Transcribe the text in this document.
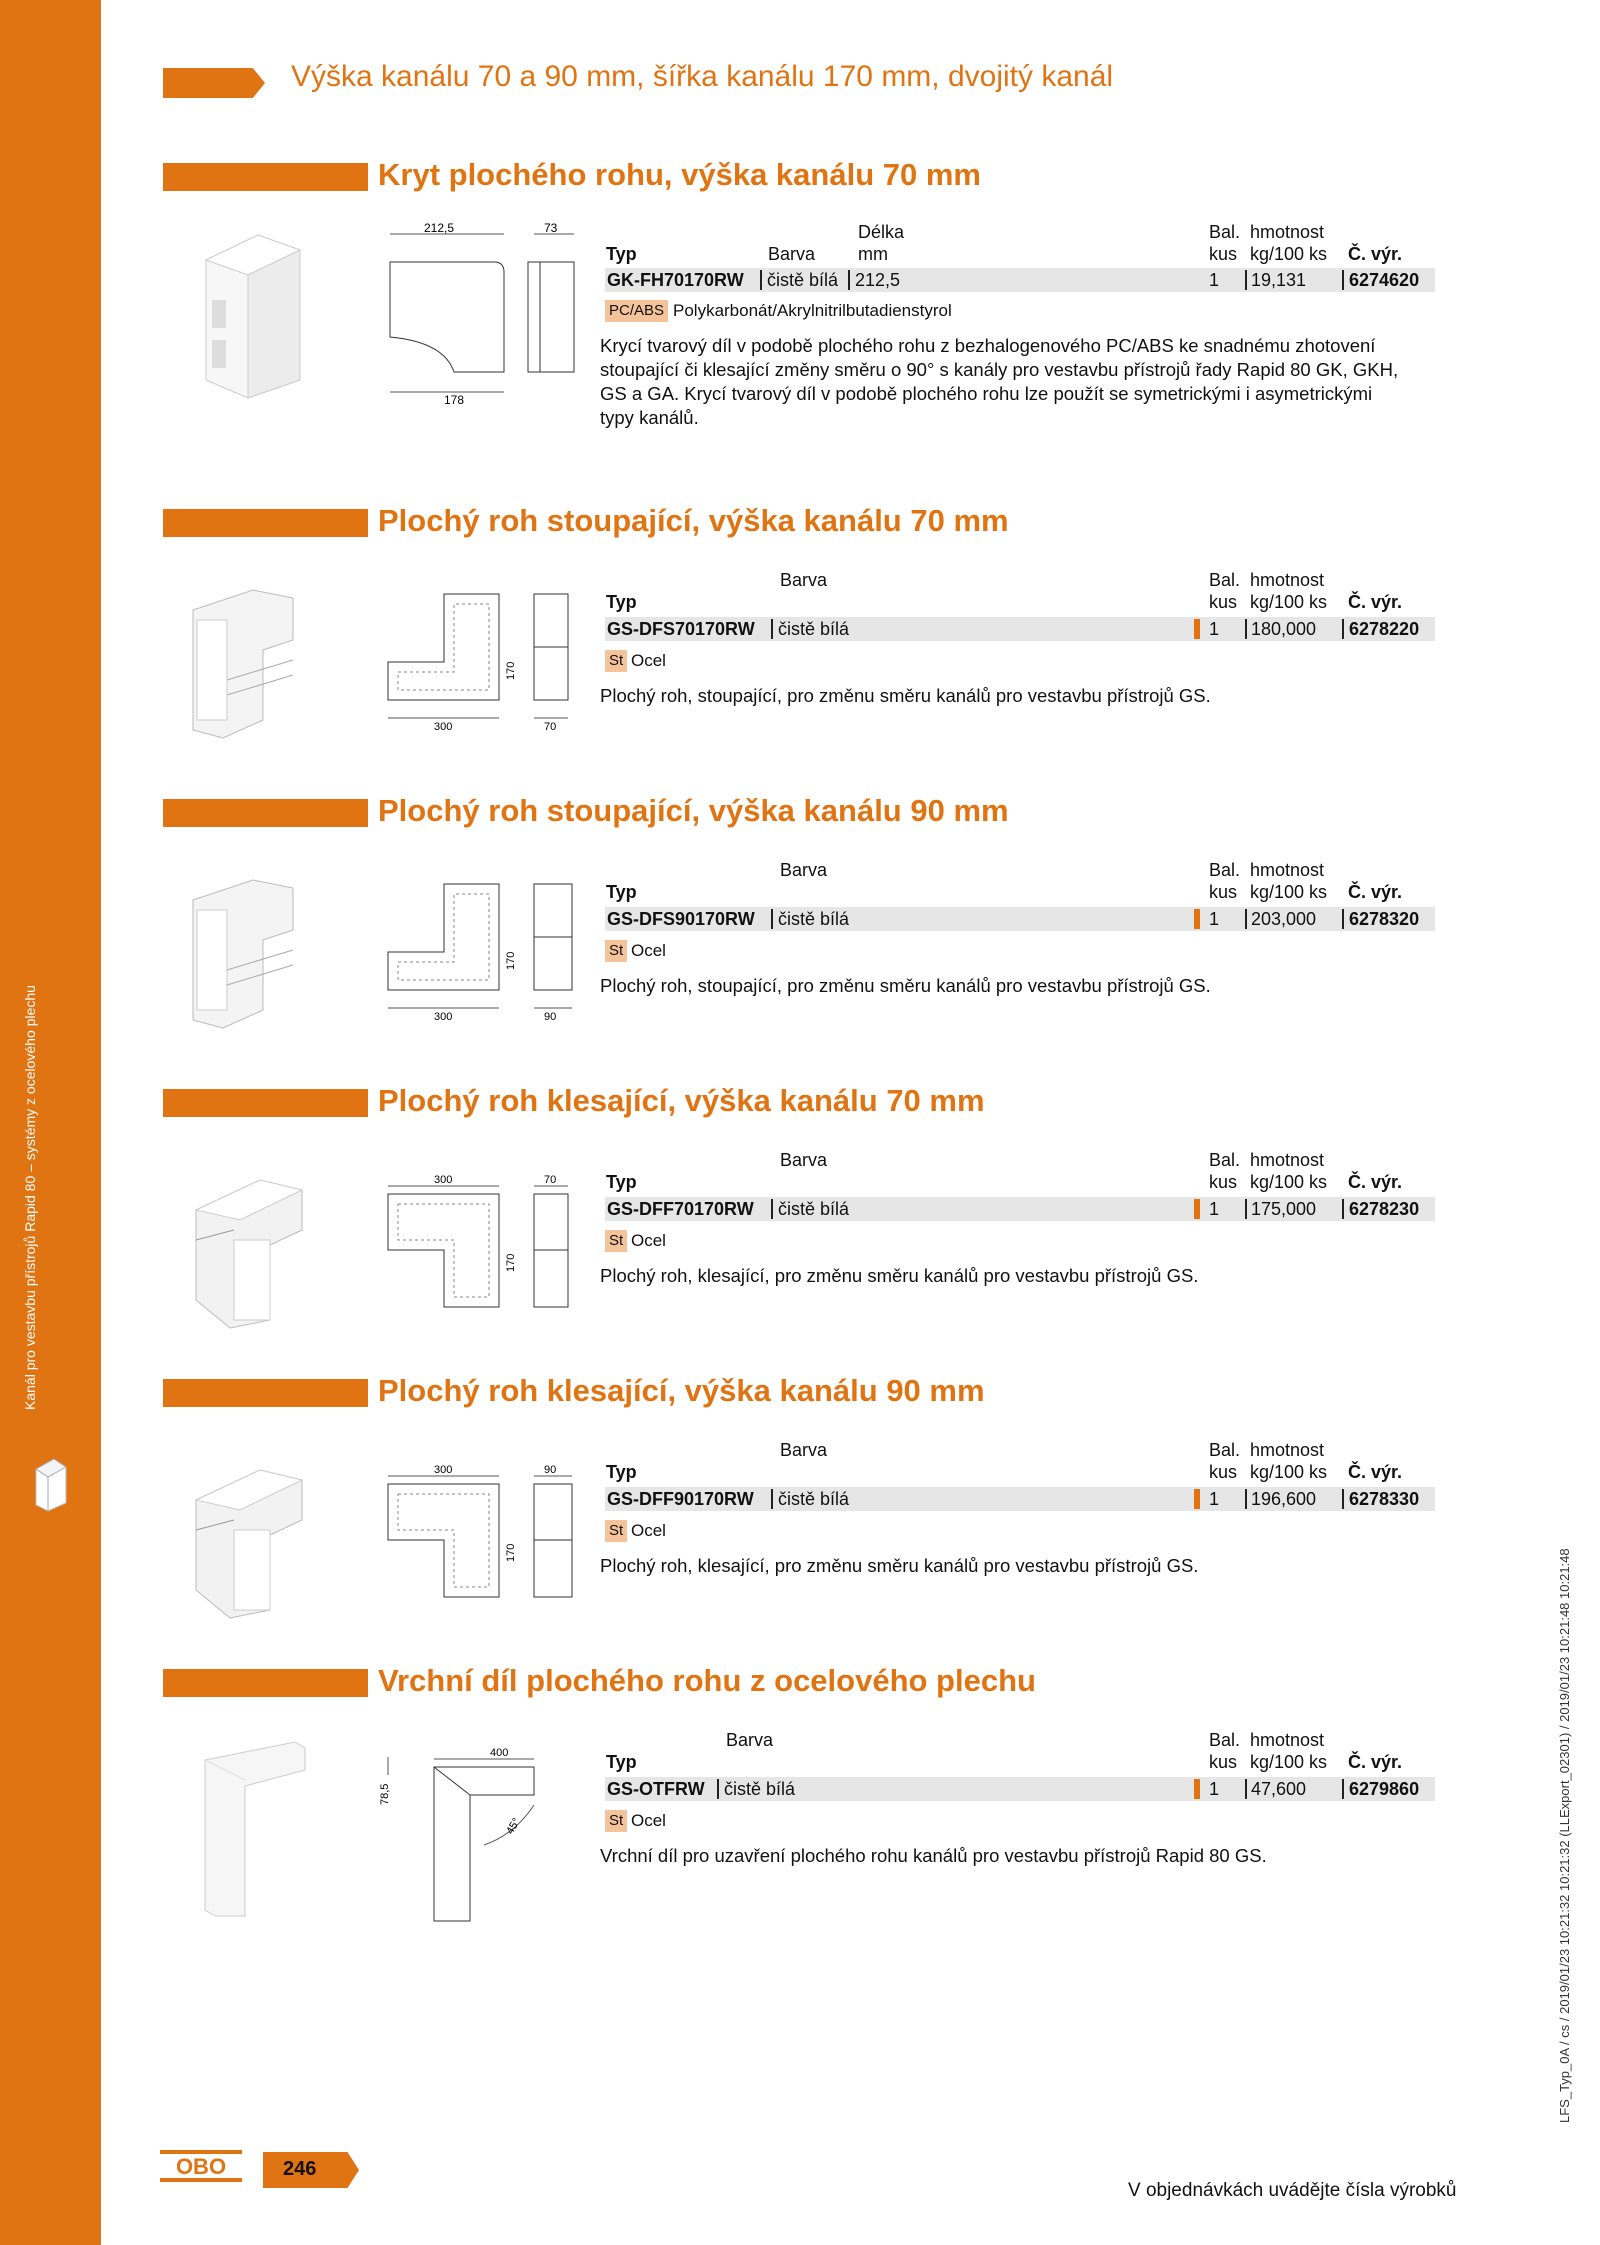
Kanál pro vestavbu přístrojů Rapid 80 – systémy z ocelového plechu
LFS_Typ_0A / cs / 2019/01/23 10:21:32 10:21:32 (LLExport_02301) / 2019/01/23 10:21:48 10:21:48
Výška kanálu 70 a 90 mm, šířka kanálu 170 mm, dvojitý kanál
Kryt plochého rohu, výška kanálu 70 mm
212,5	73
178
Délka	Bal. hmotnost
Typ	Barva mm	kus kg/100 ks Č. výr.
GK-FH70170RW čistě bílá 212,5	1 19,131 6274620
PC/ABS Polykarbonát/Akrylnitrilbutadienstyrol
Krycí tvarový díl v podobě plochého rohu z bezhalogenového PC/ABS ke snadnému zhotovení stoupající či klesající změny směru o 90° s kanály pro vestavbu přístrojů řady Rapid 80 GK, GKH, GS a GA. Krycí tvarový díl v podobě plochého rohu lze použít se symetrickými i asymetrickými typy kanálů.
Plochý roh stoupající, výška kanálu 70 mm
170
300	70
Barva	Bal. hmotnost
Typ	kus kg/100 ks Č. výr.
GS-DFS70170RW čistě bílá	1 180,000 6278220
St Ocel
Plochý roh, stoupající, pro změnu směru kanálů pro vestavbu přístrojů GS.
Plochý roh stoupající, výška kanálu 90 mm
170
300	90
Barva	Bal. hmotnost
Typ	kus kg/100 ks Č. výr.
GS-DFS90170RW čistě bílá	1 203,000 6278320
St Ocel
Plochý roh, stoupající, pro změnu směru kanálů pro vestavbu přístrojů GS.
Plochý roh klesající, výška kanálu 70 mm
300	70
170
Barva	Bal. hmotnost
Typ	kus kg/100 ks Č. výr.
GS-DFF70170RW čistě bílá	1 175,000 6278230
St Ocel
Plochý roh, klesající, pro změnu směru kanálů pro vestavbu přístrojů GS.
Plochý roh klesající, výška kanálu 90 mm
300	90
170
Barva	Bal. hmotnost
Typ	kus kg/100 ks Č. výr.
GS-DFF90170RW čistě bílá	1 196,600 6278330
St Ocel
Plochý roh, klesající, pro změnu směru kanálů pro vestavbu přístrojů GS.
Vrchní díl plochého rohu z ocelového plechu
78,5
400
45°
Barva	Bal. hmotnost
Typ	kus kg/100 ks Č. výr.
GS-OTFRW čistě bílá	1 47,600 6279860
St Ocel
Vrchní díl pro uzavření plochého rohu kanálů pro vestavbu přístrojů Rapid 80 GS.
OBO	246
V objednávkách uvádějte čísla výrobků
